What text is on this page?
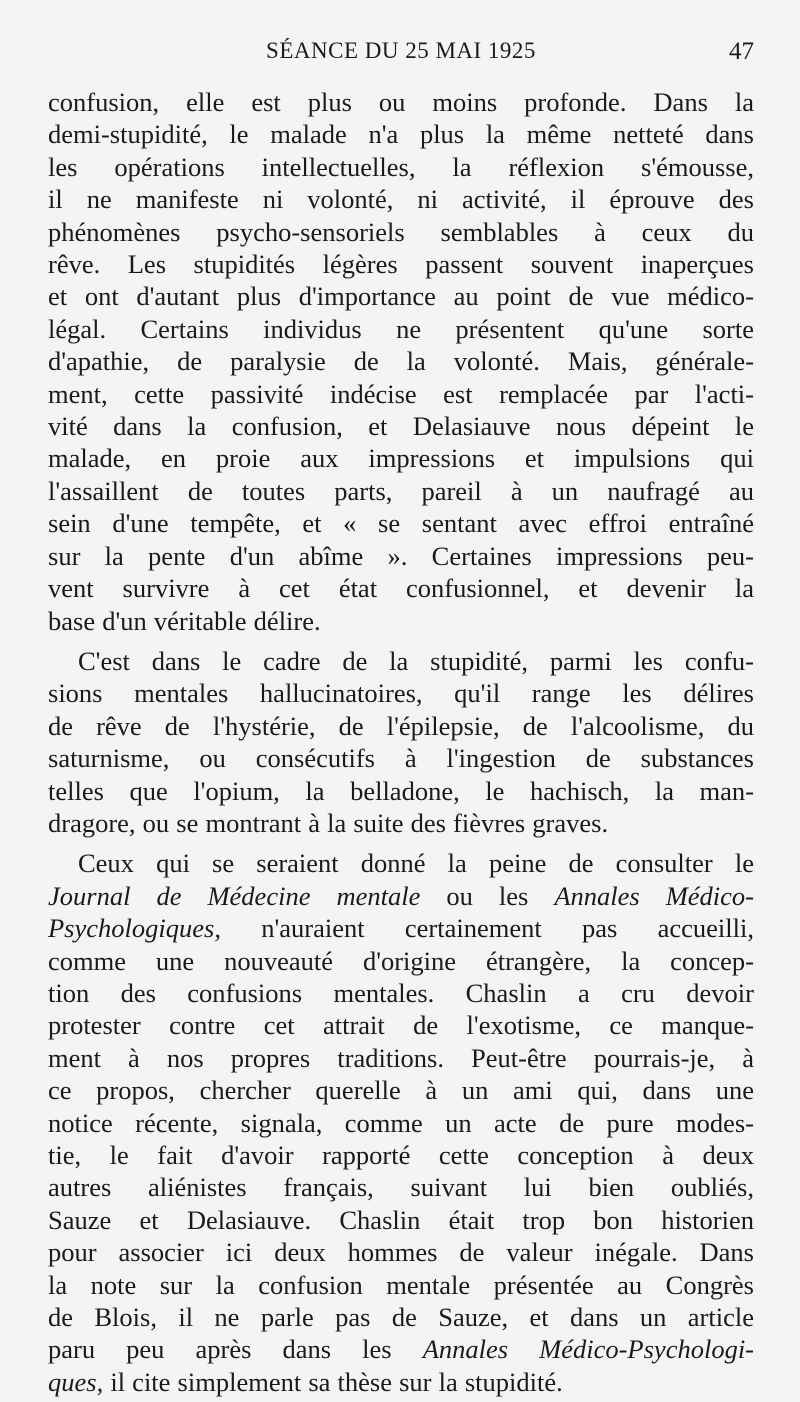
SÉANCE DU 25 MAI 1925	47

confusion, elle est plus ou moins profonde. Dans la
demi-stupidité, le malade n'a plus la même netteté dans
les opérations intellectuelles, la réflexion s'émousse,
il ne manifeste ni volonté, ni activité, il éprouve des
phénomènes psycho-sensoriels semblables à ceux du
rêve. Les stupidités légères passent souvent inaperçues
et ont d'autant plus d'importance au point de vue médico-
légal. Certains individus ne présentent qu'une sorte
d'apathie, de paralysie de la volonté. Mais, générale-
ment, cette passivité indécise est remplacée par l'acti-
vité dans la confusion, et Delasiauve nous dépeint le
malade, en proie aux impressions et impulsions qui
l'assaillent de toutes parts, pareil à un naufragé au
sein d'une tempête, et « se sentant avec effroi entraîné
sur la pente d'un abîme ». Certaines impressions peu-
vent survivre à cet état confusionnel, et devenir la
base d'un véritable délire.

C'est dans le cadre de la stupidité, parmi les confu-
sions mentales hallucinatoires, qu'il range les délires
de rêve de l'hystérie, de l'épilepsie, de l'alcoolisme, du
saturnisme, ou consécutifs à l'ingestion de substances
telles que l'opium, la belladone, le hachisch, la man-
dragore, ou se montrant à la suite des fièvres graves.

Ceux qui se seraient donné la peine de consulter le
Journal de Médecine mentale ou les Annales Médico-
Psychologiques, n'auraient certainement pas accueilli,
comme une nouveauté d'origine étrangère, la concep-
tion des confusions mentales. Chaslin a cru devoir
protester contre cet attrait de l'exotisme, ce manque-
ment à nos propres traditions. Peut-être pourrais-je, à
ce propos, chercher querelle à un ami qui, dans une
notice récente, signala, comme un acte de pure modes-
tie, le fait d'avoir rapporté cette conception à deux
autres aliénistes français, suivant lui bien oubliés,
Sauze et Delasiauve. Chaslin était trop bon historien
pour associer ici deux hommes de valeur inégale. Dans
la note sur la confusion mentale présentée au Congrès
de Blois, il ne parle pas de Sauze, et dans un article
paru peu après dans les Annales Médico-Psychologi-
ques, il cite simplement sa thèse sur la stupidité.
